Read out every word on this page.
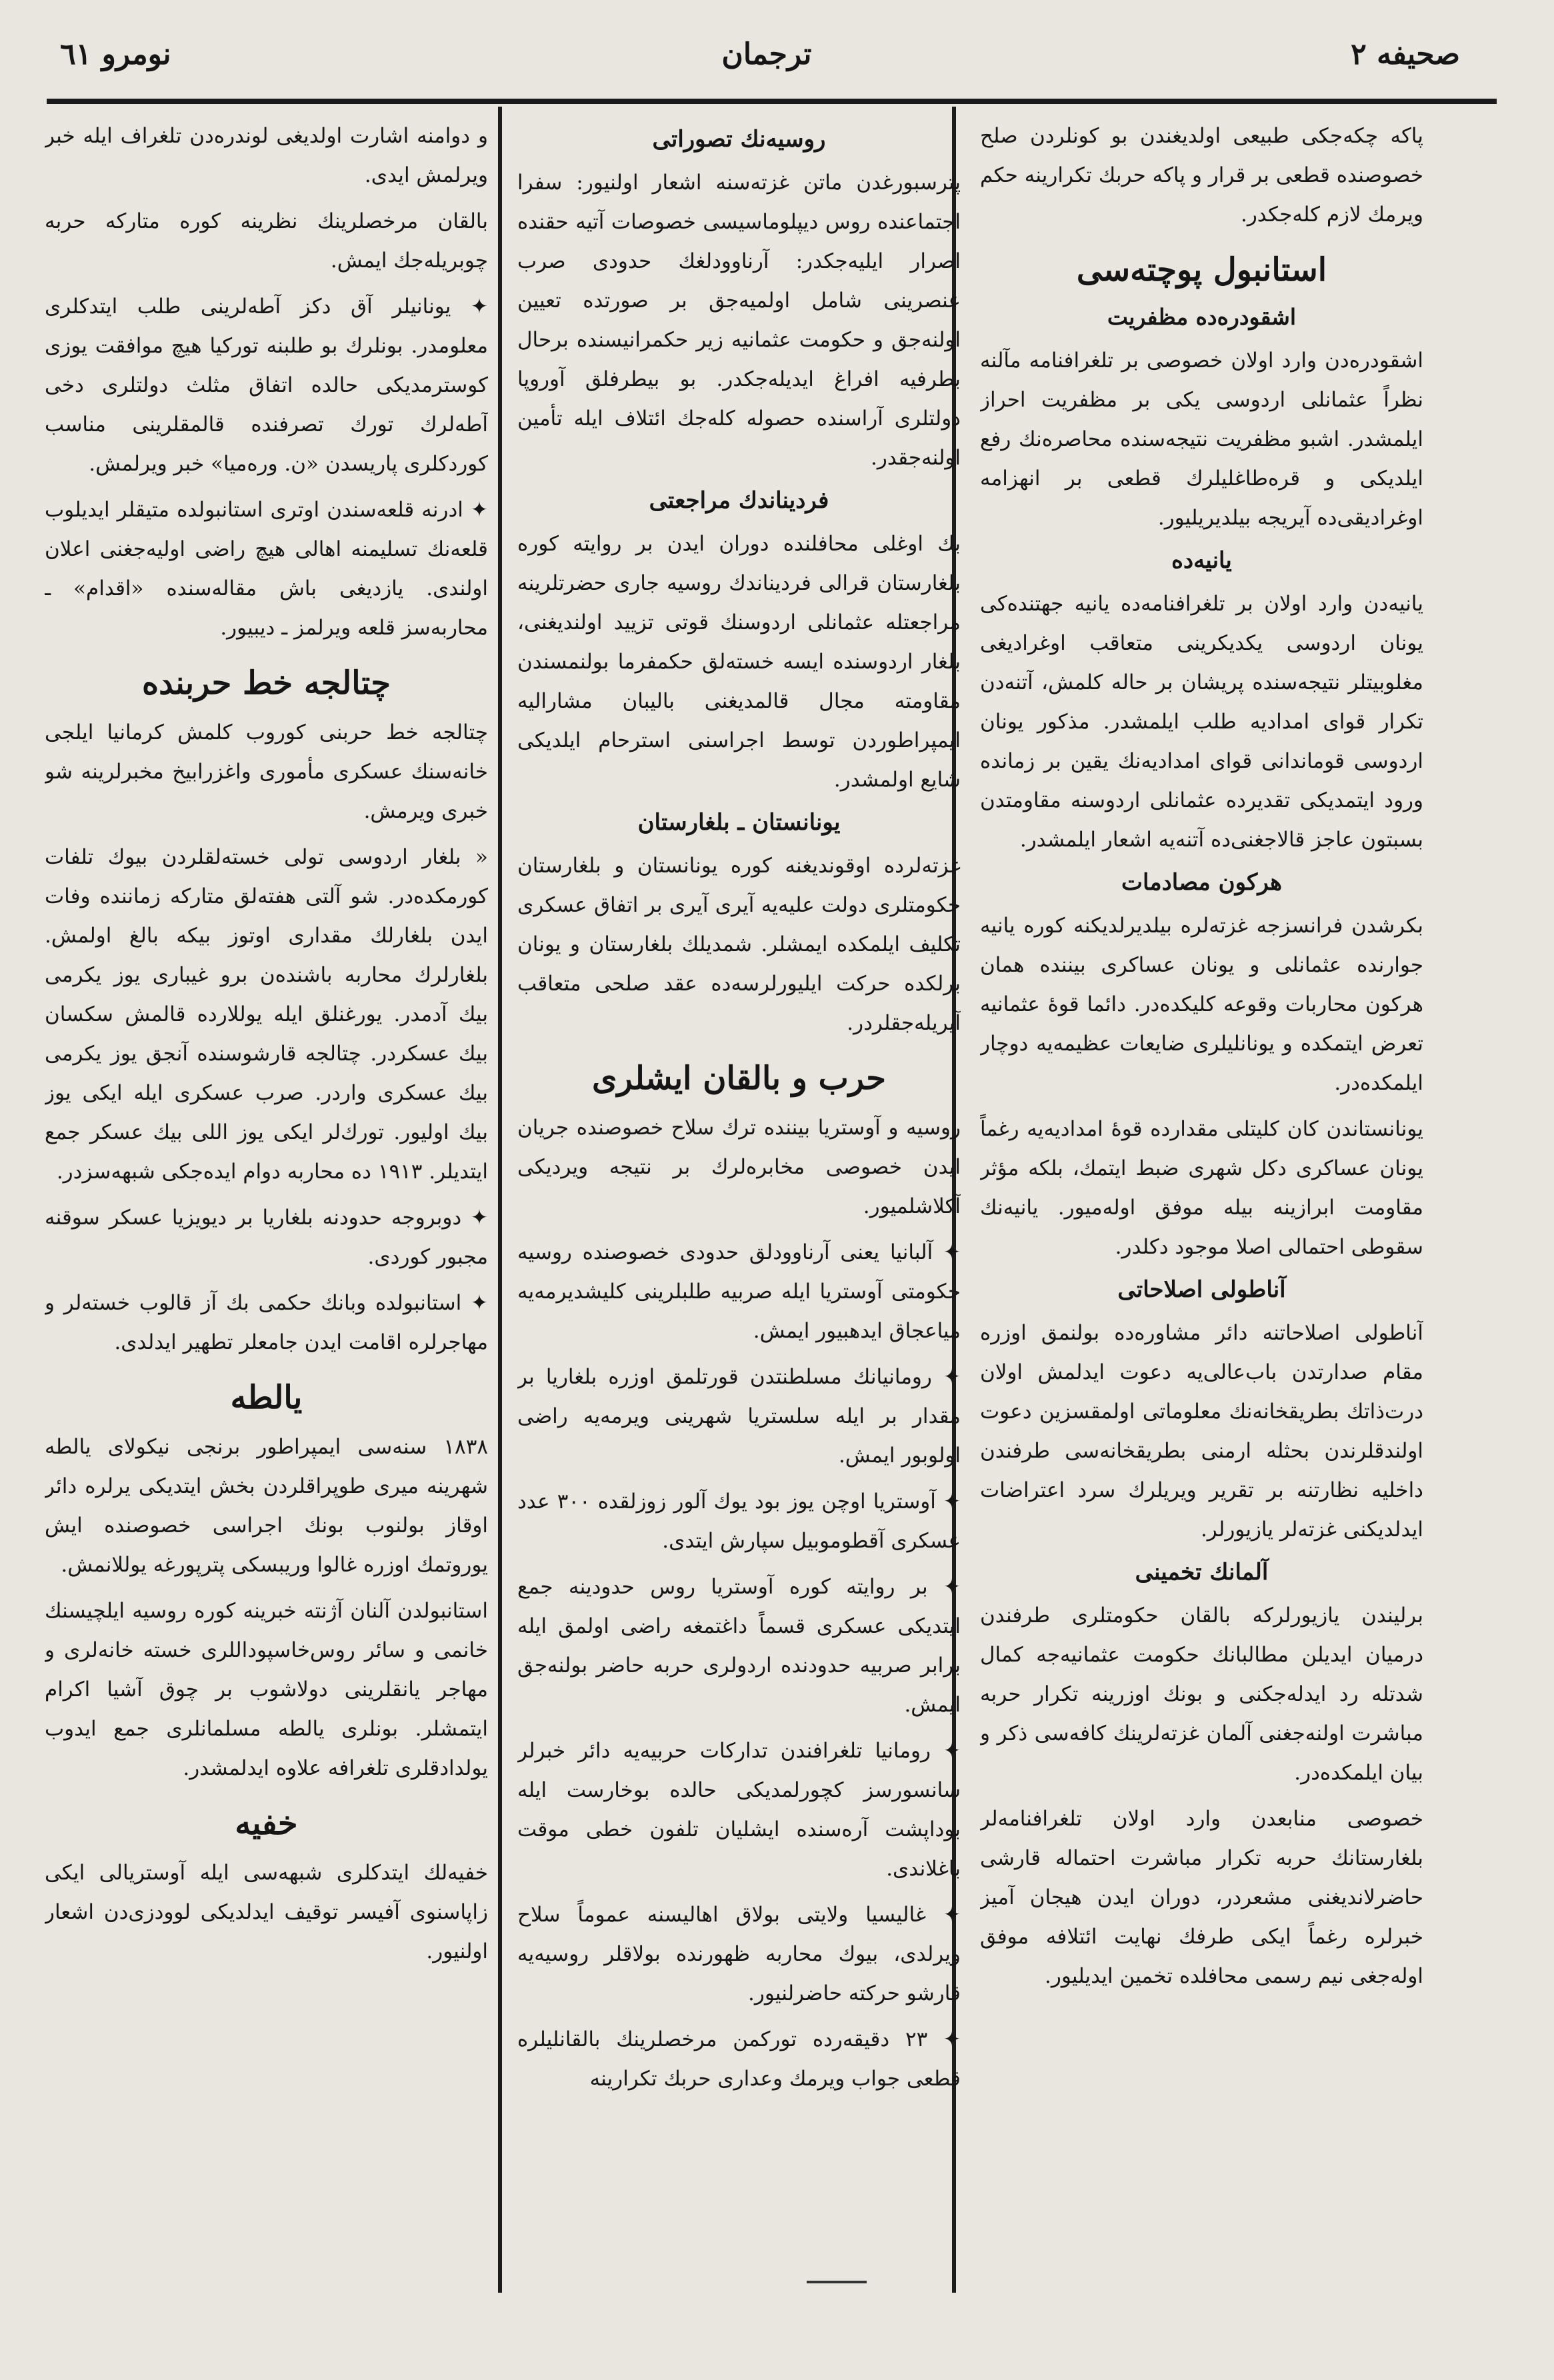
نومرو ٦١	ترجمان	صحيفه ٢

پاكه چكه‌جكى طبيعى اولديغندن بو كونلردن صلح خصوصنده قطعى بر قرار و پاكه حربك تكرارينه حكم ويرمك لازم كله‌جكدر.

استانبول پوچته‌سى

اشقودره‌ده مظفريت

اشقودره‌دن وارد اولان خصوصى بر تلغرافنامه مآلنه نظراً عثمانلى اردوسى يكى بر مظفريت احراز ايلمشدر. اشبو مظفريت نتيجه‌سنده محاصره‌نك رفع ايلديكى و قره‌طاغليلرك قطعى بر انهزامه اوغراديقى‌ده آيريجه بيلديريليور.

يانيه‌ده

يانيه‌دن وارد اولان بر تلغرافنامه‌ده يانيه جهتنده‌كى يونان اردوسى يكديكرينى متعاقب اوغراديغى مغلوبيتلر نتيجه‌سنده پريشان بر حاله كلمش، آتنه‌دن تكرار قواى امداديه طلب ايلمشدر. مذكور يونان اردوسى قوماندانى قواى امداديه‌نك يقين بر زمانده ورود ايتمديكى تقديرده عثمانلى اردوسنه مقاومتدن بسبتون عاجز قالاجغنى‌ده آتنه‌يه اشعار ايلمشدر.

هركون مصادمات

بكرشدن فرانسزجه غزته‌لره بيلديرلديكنه كوره يانيه جوارنده عثمانلى و يونان عساكرى بيننده همان هركون محاربات وقوعه كليكده‌در. دائما قوهٔ عثمانيه تعرض ايتمكده و يونانليلرى ضايعات عظيمه‌يه دوچار ايلمكده‌در.

يونانستاندن كان كليتلى مقدارده قوهٔ امداديه‌يه رغماً يونان عساكرى دكل شهرى ضبط ايتمك، بلكه مؤثر مقاومت ابرازينه بيله موفق اوله‌ميور. يانيه‌نك سقوطى احتمالى اصلا موجود دكلدر.

آناطولى اصلاحاتى

آناطولى اصلاحاتنه دائر مشاوره‌ده بولنمق اوزره مقام صدارتدن باب‌عالى‌يه دعوت ايدلمش اولان درت‌ذاتك بطريقخانه‌نك معلوماتى اولمقسزين دعوت اولندقلرندن بحثله ارمنى بطريقخانه‌سى طرفندن داخليه نظارتنه بر تقرير ويريلرك سرد اعتراضات ايدلديكنى غزته‌لر يازيورلر.

آلمانك تخمينى

برليندن يازيورلركه بالقان حكومتلرى طرفندن درميان ايديلن مطالبانك حكومت عثمانيه‌جه كمال شدتله رد ايدله‌جكنى و بونك اوزرينه تكرار حربه مباشرت اولنه‌جغنى آلمان غزته‌لرينك كافه‌سى ذكر و بيان ايلمكده‌در.

خصوصى منابعدن وارد اولان تلغرافنامه‌لر بلغارستانك حربه تكرار مباشرت احتماله قارشى حاضرلانديغنى مشعردر، دوران ايدن هيجان آميز خبرلره رغماً ايكى طرفك نهايت ائتلافه موفق اوله‌جغى نيم رسمى محافلده تخمين ايديليور.

روسيه‌نك تصوراتى

پترسبورغدن ماتن غزته‌سنه اشعار اولنيور: سفرا اجتماعنده روس ديپلوماسيسى خصوصات آتيه حقنده اصرار ايليه‌جكدر: آرناوودلغك حدودى صرب عنصرينى شامل اولميه‌جق بر صورتده تعيين اولنه‌جق و حكومت عثمانيه زير حكمرانيسنده برحال بطرفيه افراغ ايديله‌جكدر. بو بيطرفلق آوروپا دولتلرى آراسنده حصوله كله‌جك ائتلاف ايله تأمين اولنه‌جقدر.

فرديناندك مراجعتى

بك اوغلى محافلنده دوران ايدن بر روايته كوره بلغارستان قرالى فرديناندك روسيه جارى حضرتلرينه مراجعتله عثمانلى اردوسنك قوتى تزييد اولنديغنى، بلغار اردوسنده ايسه خسته‌لق حكمفرما بولنمسندن مقاومته مجال قالمديغنى باليبان مشاراليه ايمپراطوردن توسط اجراسنى استرحام ايلديكى شايع اولمشدر.

يونانستان ـ بلغارستان

غزته‌لرده اوقونديغنه كوره يونانستان و بلغارستان حكومتلرى دولت عليه‌يه آيرى آيرى بر اتفاق عسكرى تكليف ايلمكده ايمشلر. شمديلك بلغارستان و يونان برلكده حركت ايليورلرسه‌ده عقد صلحى متعاقب آيريله‌جقلردر.

حرب و بالقان ايشلرى

روسيه و آوستريا بيننده ترك سلاح خصوصنده جريان ايدن خصوصى مخابره‌لرك بر نتيجه ويرديكى آكلاشلميور.

✦ آلبانيا يعنى آرناوودلق حدودى خصوصنده روسيه حكومتى آوستريا ايله صربيه طلبلرينى كليشديرمه‌يه مياعجاق ايدهبيور ايمش.

✦ رومانيانك مسلطنتدن قورتلمق اوزره بلغاريا بر مقدار بر ايله سلستريا شهرينى ويرمه‌يه راضى اولوبور ايمش.

✦ آوستريا اوچن يوز بود يوك آلور زوزلقده ٣٠٠ عدد عسكرى آقطوموبيل سپارش ايتدى.

✦ بر روايته كوره آوستريا روس حدودينه جمع ايتديكى عسكرى قسماً داغتمغه راضى اولمق ايله برابر صربيه حدودنده اردولرى حربه حاضر بولنه‌جق ايمش.

✦ رومانيا تلغرافندن تداركات حربيه‌يه دائر خبرلر سانسورسز كچورلمديكى حالده بوخارست ايله بوداپشت آره‌سنده ايشليان تلفون خطى موقت باغلاندى.

✦ غاليسيا ولايتى بولاق اهاليسنه عموماً سلاح ويرلدى، بيوك محاربه ظهورنده بولاقلر روسيه‌يه قارشو حركته حاضرلنيور.

✦ ٢٣ دقيقه‌رده توركمن مرخصلرينك بالقانليلره قطعى جواب ويرمك وعدارى حربك تكرارينه

و دوامنه اشارت اولديغى لوندره‌دن تلغراف ايله خبر ويرلمش ايدى.

بالقان مرخصلرينك نظرينه كوره متاركه حربه چوبريله‌جك ايمش.

✦ يونانيلر آق دكز آطه‌لرينى طلب ايتدكلرى معلومدر. بونلرك بو طلبنه توركيا هيچ موافقت يوزى كوسترمديكى حالده اتفاق مثلث دولتلرى دخى آطه‌لرك تورك تصرفنده قالمقلرينى مناسب كوردكلرى پاريسدن «ن. وره‌ميا» خبر ويرلمش.

✦ ادرنه قلعه‌سندن اوترى استانبولده متيقلر ايديلوب قلعه‌نك تسليمنه اهالى هيچ راضى اوليه‌جغنى اعلان اولندى. يازديغى باش مقاله‌سنده «اقدام» ـ محاربه‌سز قلعه ويرلمز ـ ديبيور.

چتالجه خط حربنده

چتالجه خط حربنى كوروب كلمش كرمانيا ايلجى خانه‌سنك عسكرى مأمورى واغزرابيخ مخبرلرينه شو خبرى ويرمش.

« بلغار اردوسى تولى خسته‌لقلردن بيوك تلفات كورمكده‌در. شو آلتى هفته‌لق متاركه زماننده وفات ايدن بلغارلك مقدارى اوتوز بيكه بالغ اولمش. بلغارلرك محاربه باشنده‌ن برو غيبارى يوز يكرمى بيك آدمدر. يورغنلق ايله يوللارده قالمش سكسان بيك عسكردر. چتالجه قارشوسنده آنجق يوز يكرمى بيك عسكرى واردر. صرب عسكرى ايله ايكى يوز بيك اوليور. تورك‌لر ايكى يوز اللى بيك عسكر جمع ايتديلر. ١٩١٣ ده محاربه دوام ايده‌جكى شبهه‌سزدر.

✦ دوبروجه حدودنه بلغاريا بر ديويزيا عسكر سوقنه مجبور كوردى.

✦ استانبولده وبانك حكمى بك آز قالوب خسته‌لر و مهاجرلره اقامت ايدن جامعلر تطهير ايدلدى.

يالطه

١٨٣٨ سنه‌سى ايمپراطور برنجى نيكولاى يالطه شهرينه ميرى طوپراقلردن بخش ايتديكى يرلره دائر اوقاز بولنوب بونك اجراسى خصوصنده ايش يوروتمك اوزره غالوا وريبسكى پترپورغه يوللانمش.

استانبولدن آلنان آژنته خبرينه كوره روسيه ايلچيسنك خانمى و سائر روس‌خاسپوداللرى خسته خانه‌لرى و مهاجر يانقلرينى دولاشوب بر چوق آشيا اكرام ايتمشلر. بونلرى يالطه مسلمانلرى جمع ايدوب يولدادقلرى تلغرافه علاوه ايدلمشدر.

خفيه

خفيه‌لك ايتدكلرى شبهه‌سى ايله آوستريالى ايكى زاپاسنوى آفيسر توقيف ايدلديكى لوودزى‌دن اشعار اولنيور.
